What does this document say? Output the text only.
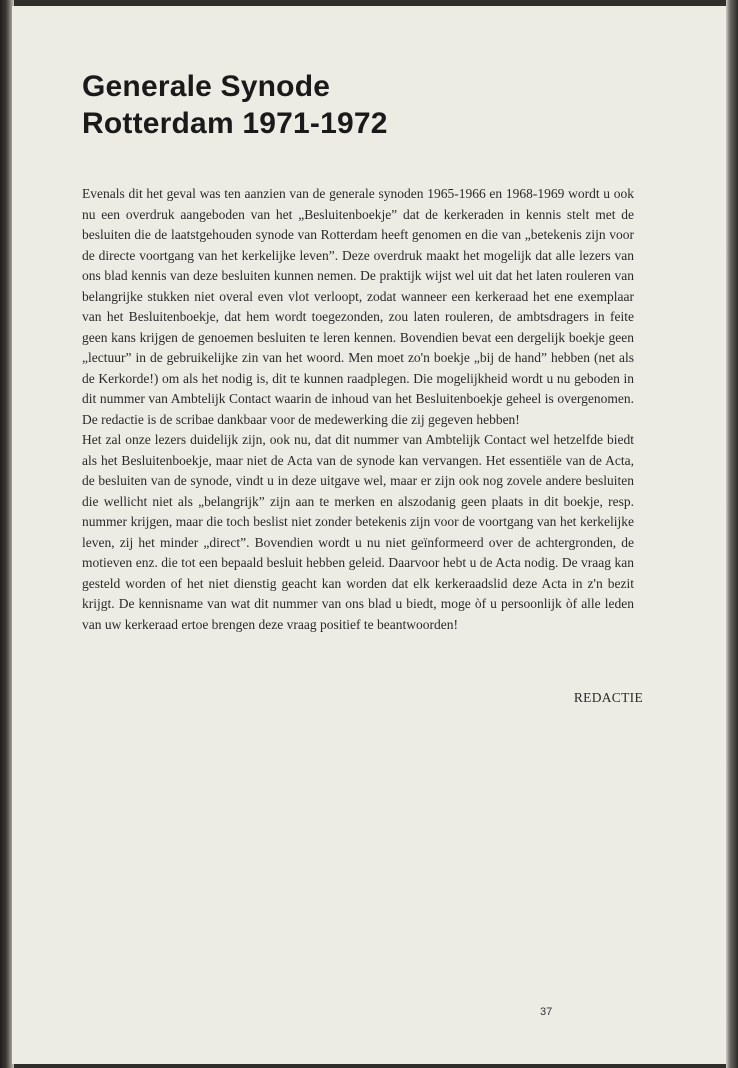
Generale Synode
Rotterdam 1971-1972

Evenals dit het geval was ten aanzien van de generale synoden 1965-1966 en 1968-1969 wordt u ook nu een overdruk aangeboden van het „Besluitenboekje” dat de kerkeraden in kennis stelt met de besluiten die de laatstgehouden synode van Rotterdam heeft genomen en die van „betekenis zijn voor de directe voortgang van het kerkelijke leven”. Deze overdruk maakt het mogelijk dat alle lezers van ons blad kennis van deze besluiten kunnen nemen. De praktijk wijst wel uit dat het laten rouleren van belangrijke stukken niet overal even vlot verloopt, zodat wanneer een kerkeraad het ene exemplaar van het Besluitenboekje, dat hem wordt toegezonden, zou laten rouleren, de ambtsdragers in feite geen kans krijgen de genoemen besluiten te leren kennen. Bovendien bevat een dergelijk boekje geen „lectuur” in de gebruikelijke zin van het woord. Men moet zo'n boekje „bij de hand” hebben (net als de Kerkorde!) om als het nodig is, dit te kunnen raadplegen. Die mogelijkheid wordt u nu geboden in dit nummer van Ambtelijk Contact waarin de inhoud van het Besluitenboekje geheel is overgenomen. De redactie is de scribae dankbaar voor de medewerking die zij gegeven hebben!

Het zal onze lezers duidelijk zijn, ook nu, dat dit nummer van Ambtelijk Contact wel hetzelfde biedt als het Besluitenboekje, maar niet de Acta van de synode kan vervangen. Het essentiële van de Acta, de besluiten van de synode, vindt u in deze uitgave wel, maar er zijn ook nog zovele andere besluiten die wellicht niet als „belangrijk” zijn aan te merken en alszodanig geen plaats in dit boekje, resp. nummer krijgen, maar die toch beslist niet zonder betekenis zijn voor de voortgang van het kerkelijke leven, zij het minder „direct”. Bovendien wordt u nu niet geïnformeerd over de achtergronden, de motieven enz. die tot een bepaald besluit hebben geleid. Daarvoor hebt u de Acta nodig. De vraag kan gesteld worden of het niet dienstig geacht kan worden dat elk kerkeraadslid deze Acta in z'n bezit krijgt. De kennisname van wat dit nummer van ons blad u biedt, moge òf u persoonlijk òf alle leden van uw kerkeraad ertoe brengen deze vraag positief te beantwoorden!

REDACTIE
37
